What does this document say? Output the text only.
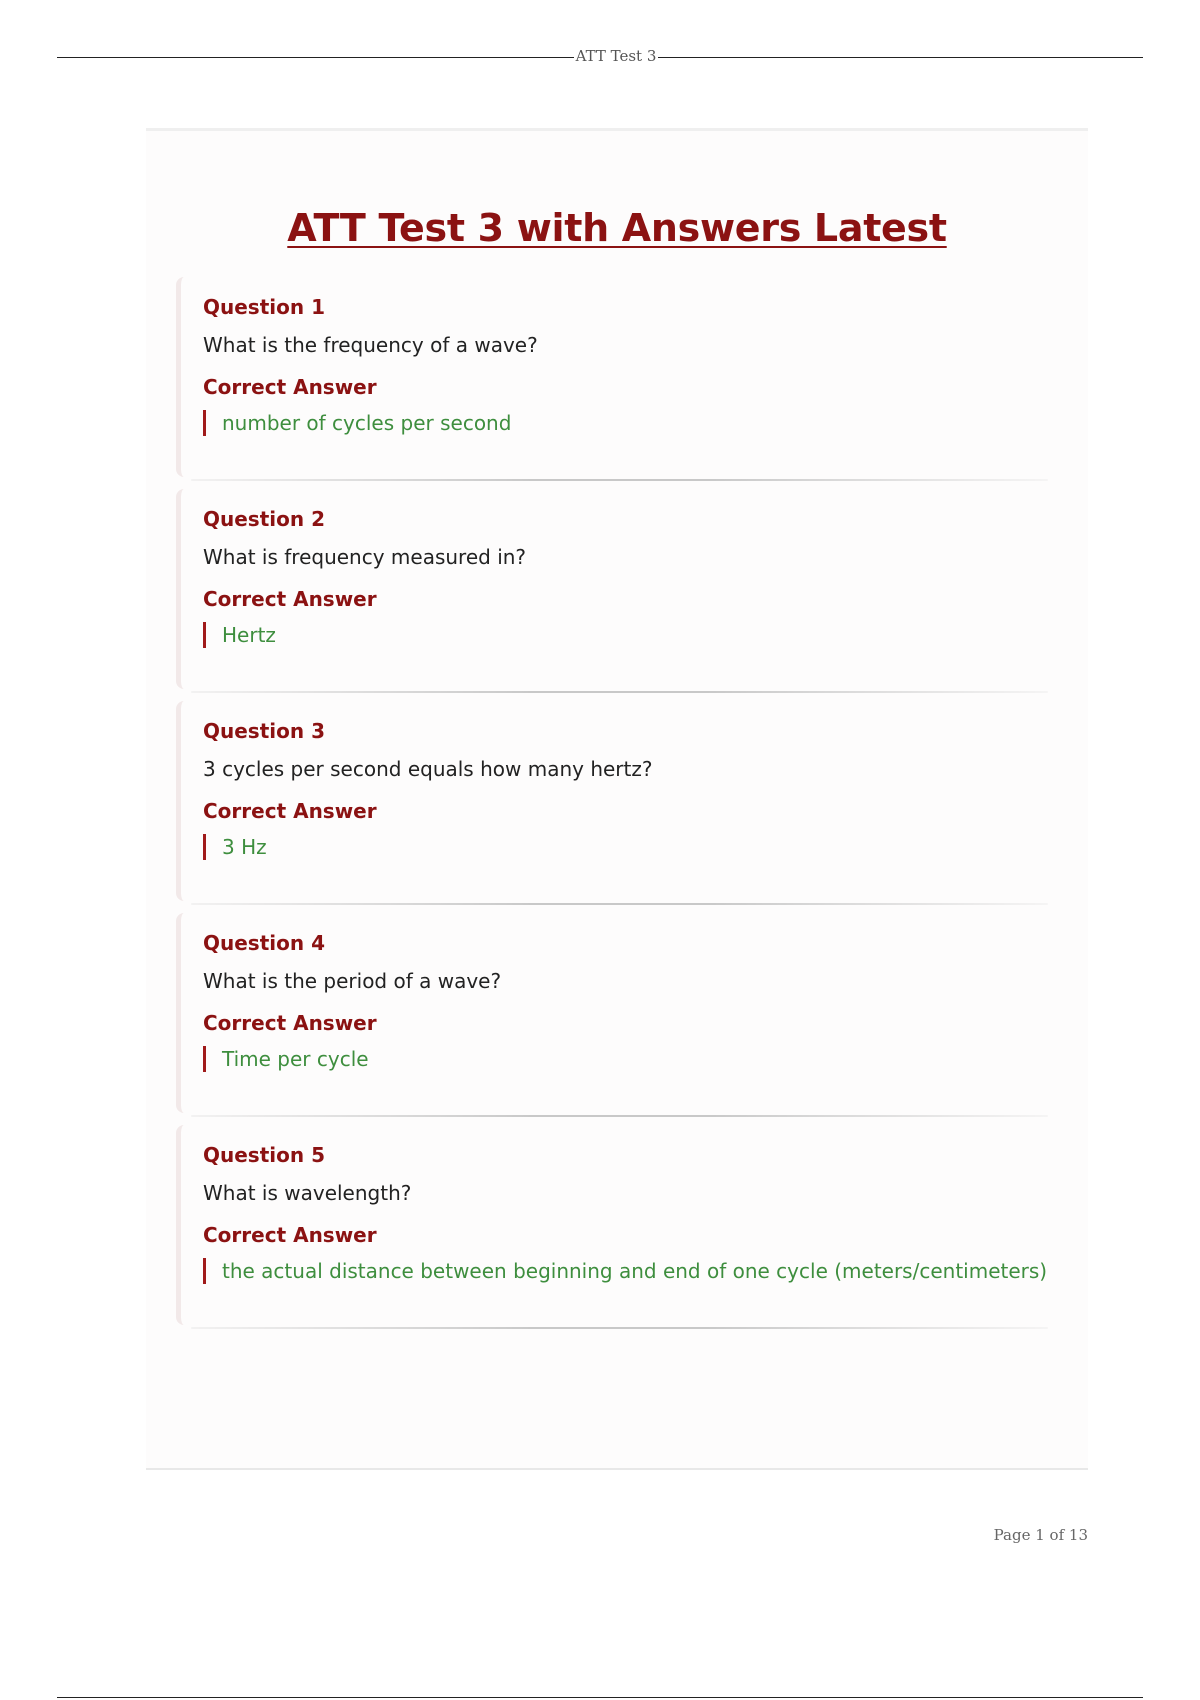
ATT Test 3
ATT Test 3 with Answers Latest
Question 1
What is the frequency of a wave?
Correct Answer
number of cycles per second
Question 2
What is frequency measured in?
Correct Answer
Hertz
Question 3
3 cycles per second equals how many hertz?
Correct Answer
3 Hz
Question 4
What is the period of a wave?
Correct Answer
Time per cycle
Question 5
What is wavelength?
Correct Answer
the actual distance between beginning and end of one cycle (meters/centimeters)
Page 1 of 13
